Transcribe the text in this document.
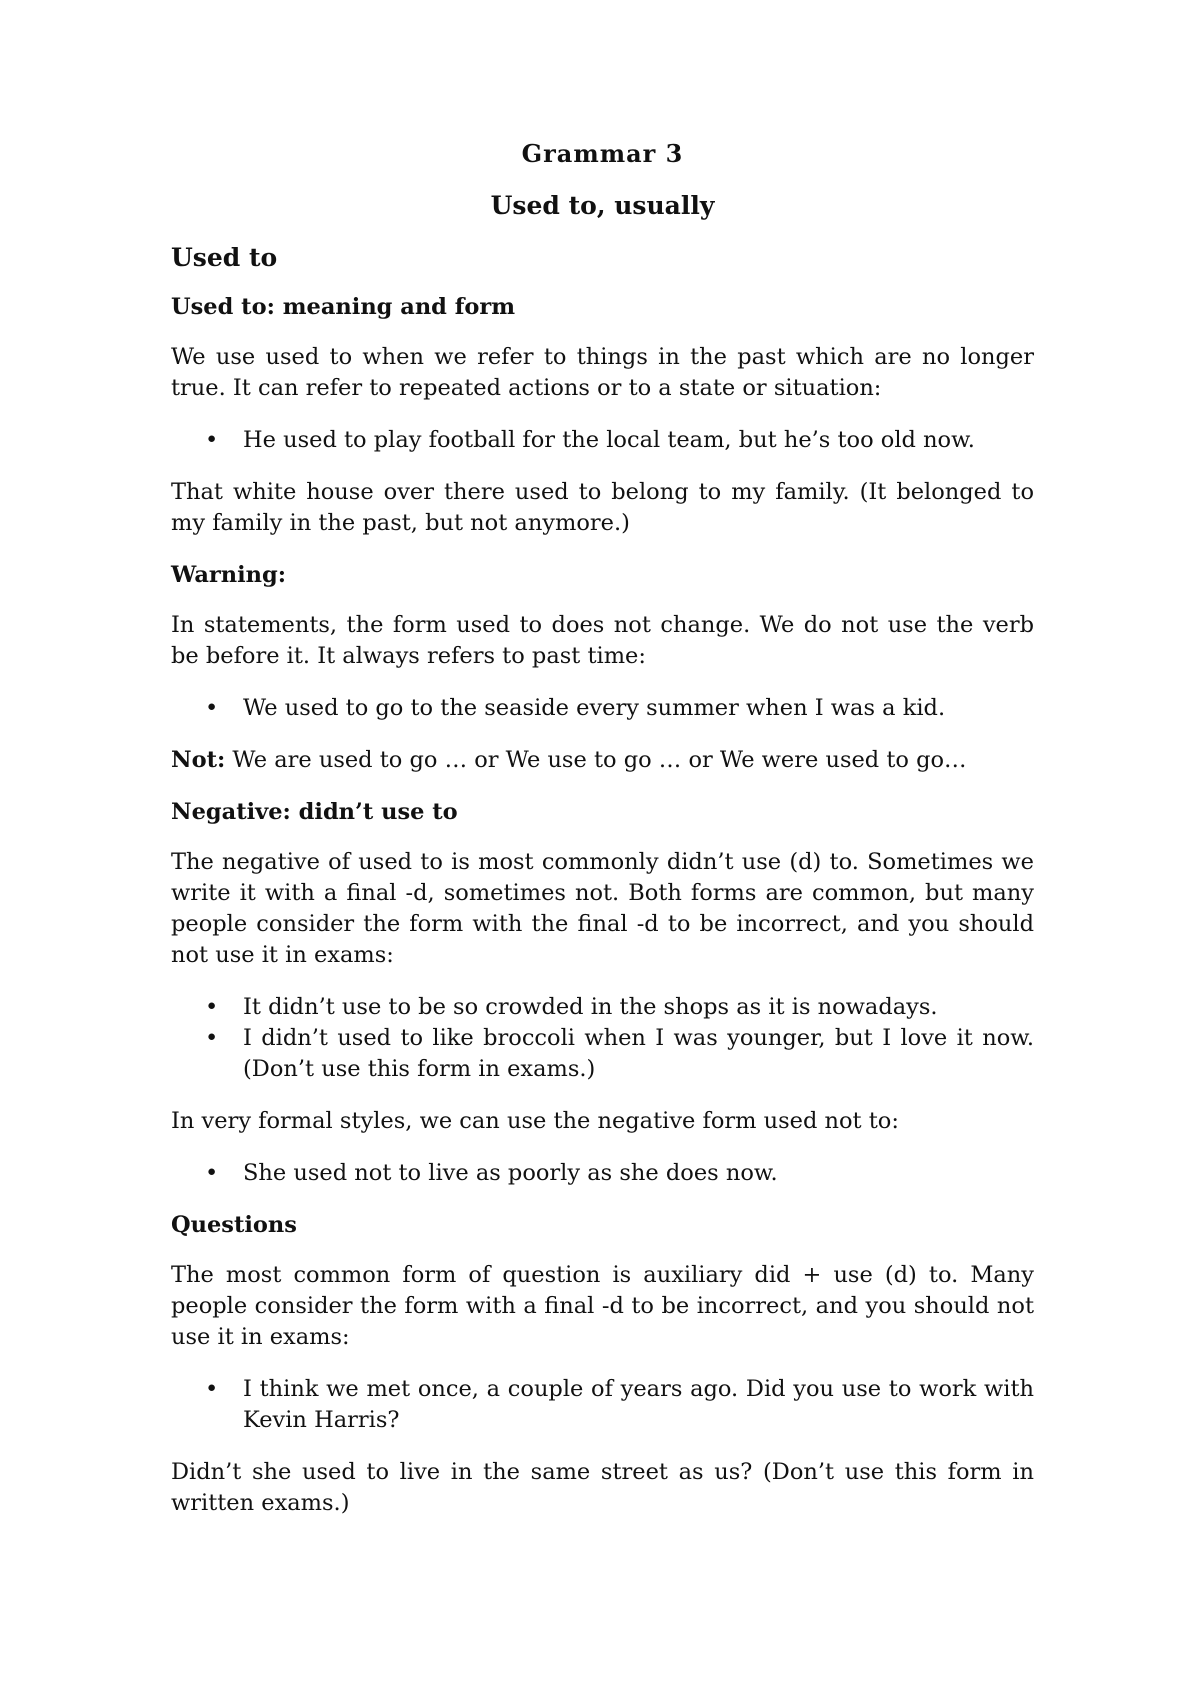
Grammar 3
Used to, usually
Used to
Used to: meaning and form

We use used to when we refer to things in the past which are no longer true. It can refer to repeated actions or to a state or situation:

• He used to play football for the local team, but he’s too old now.

That white house over there used to belong to my family. (It belonged to my family in the past, but not anymore.)

Warning:

In statements, the form used to does not change. We do not use the verb be before it. It always refers to past time:

• We used to go to the seaside every summer when I was a kid.

Not: We are used to go … or We use to go … or We were used to go…

Negative: didn’t use to

The negative of used to is most commonly didn’t use (d) to. Sometimes we write it with a final -d, sometimes not. Both forms are common, but many people consider the form with the final -d to be incorrect, and you should not use it in exams:

• It didn’t use to be so crowded in the shops as it is nowadays.
• I didn’t used to like broccoli when I was younger, but I love it now. (Don’t use this form in exams.)

In very formal styles, we can use the negative form used not to:

• She used not to live as poorly as she does now.
Questions

The most common form of question is auxiliary did + use (d) to. Many people consider the form with a final -d to be incorrect, and you should not use it in exams:

• I think we met once, a couple of years ago. Did you use to work with Kevin Harris?

Didn’t she used to live in the same street as us? (Don’t use this form in written exams.)
